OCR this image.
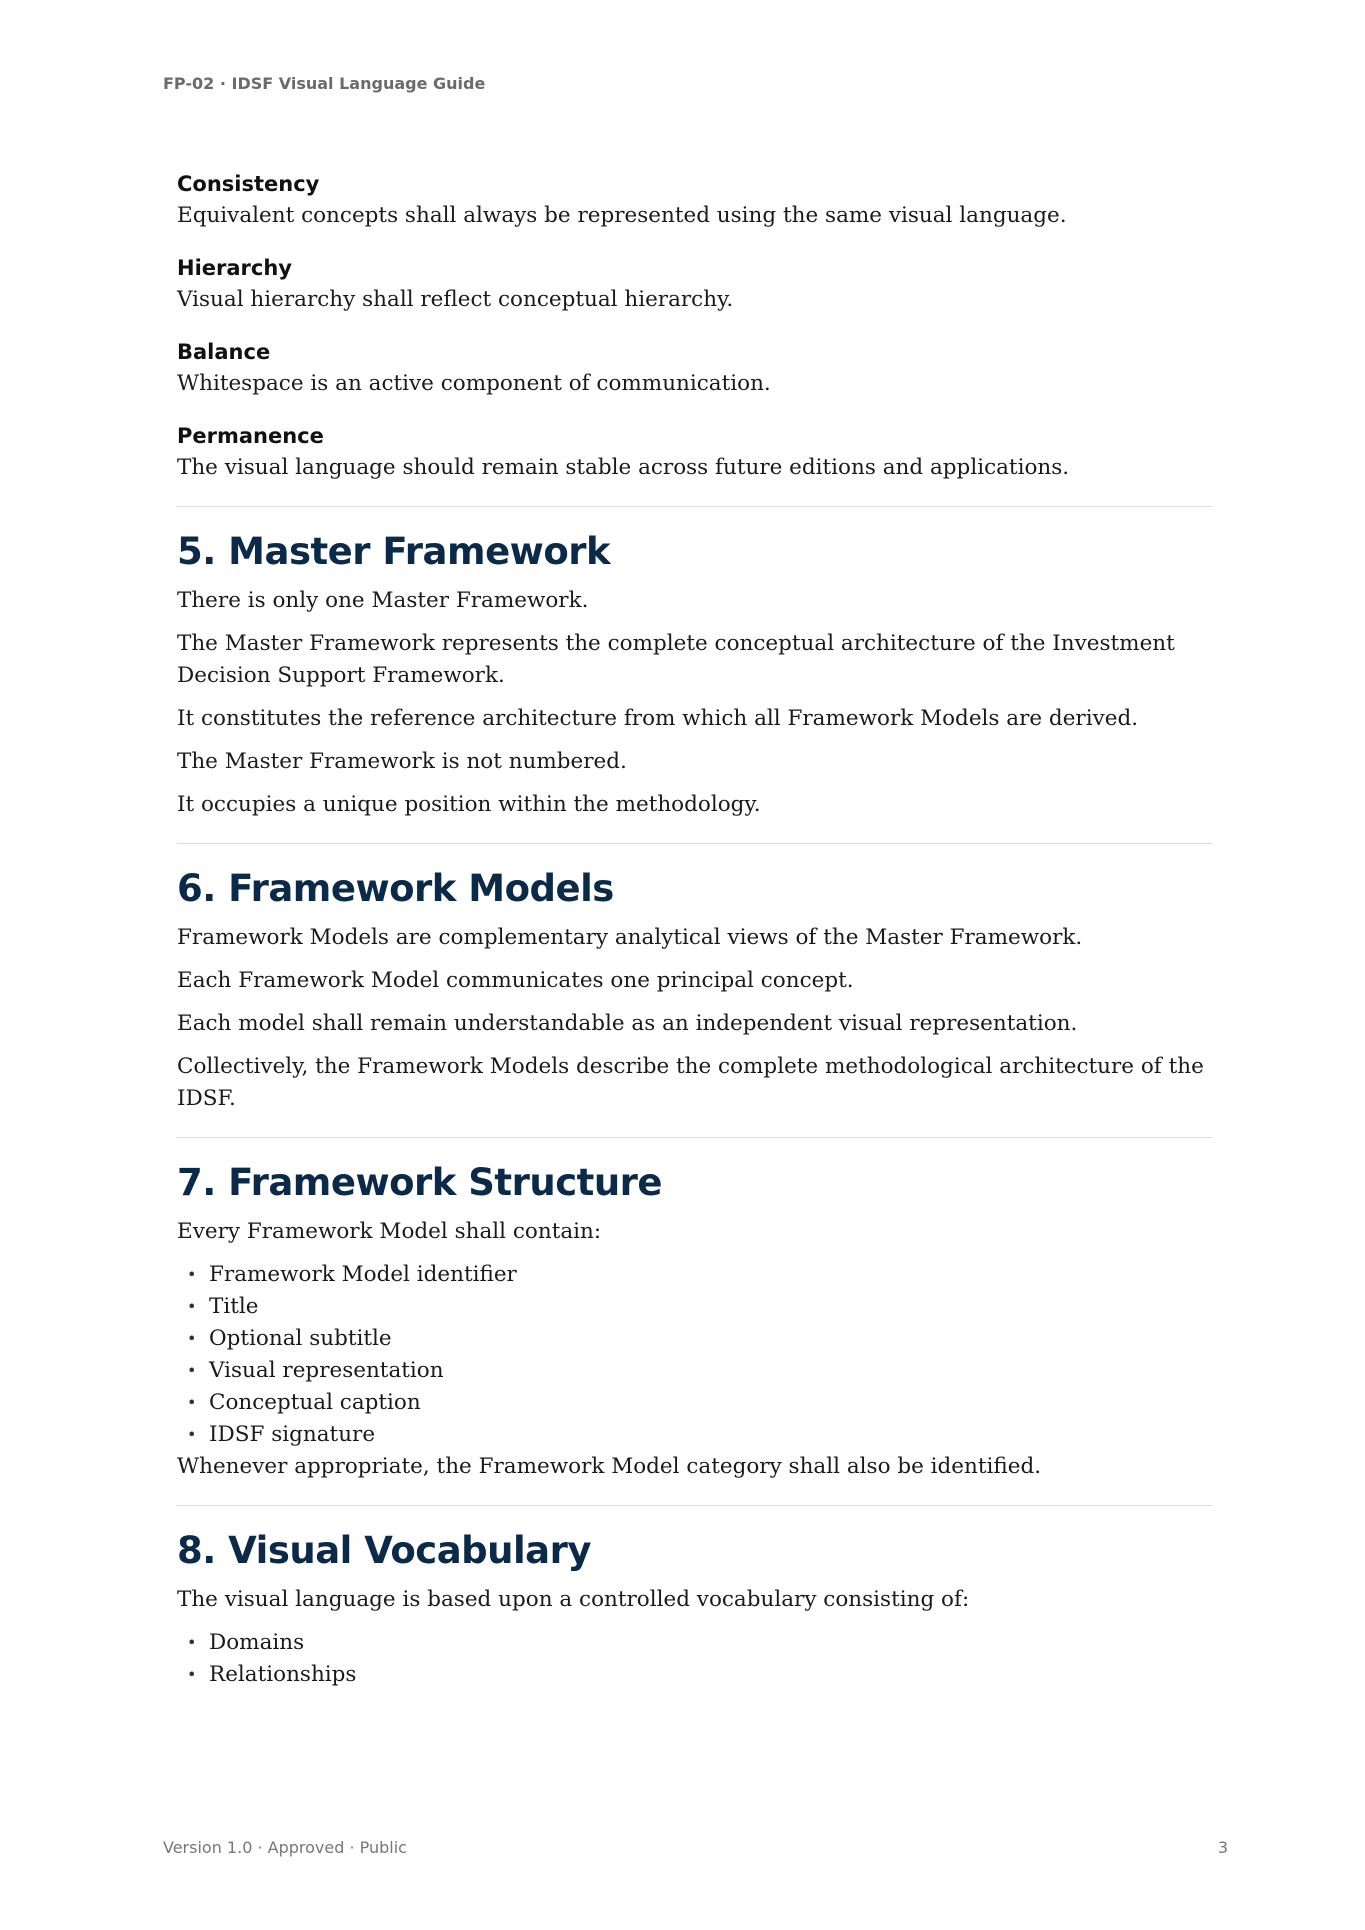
FP-02 · IDSF Visual Language Guide
Consistency
Equivalent concepts shall always be represented using the same visual language.
Hierarchy
Visual hierarchy shall reflect conceptual hierarchy.
Balance
Whitespace is an active component of communication.
Permanence
The visual language should remain stable across future editions and applications.
5. Master Framework

There is only one Master Framework.

The Master Framework represents the complete conceptual architecture of the Investment Decision Support Framework.

It constitutes the reference architecture from which all Framework Models are derived.

The Master Framework is not numbered.

It occupies a unique position within the methodology.

6. Framework Models

Framework Models are complementary analytical views of the Master Framework.

Each Framework Model communicates one principal concept.

Each model shall remain understandable as an independent visual representation.

Collectively, the Framework Models describe the complete methodological architecture of the IDSF.

7. Framework Structure

Every Framework Model shall contain:

• Framework Model identifier
• Title
• Optional subtitle
• Visual representation
• Conceptual caption
• IDSF signature

Whenever appropriate, the Framework Model category shall also be identified.

8. Visual Vocabulary

The visual language is based upon a controlled vocabulary consisting of:

• Domains
• Relationships
Version 1.0 · Approved · Public	3
